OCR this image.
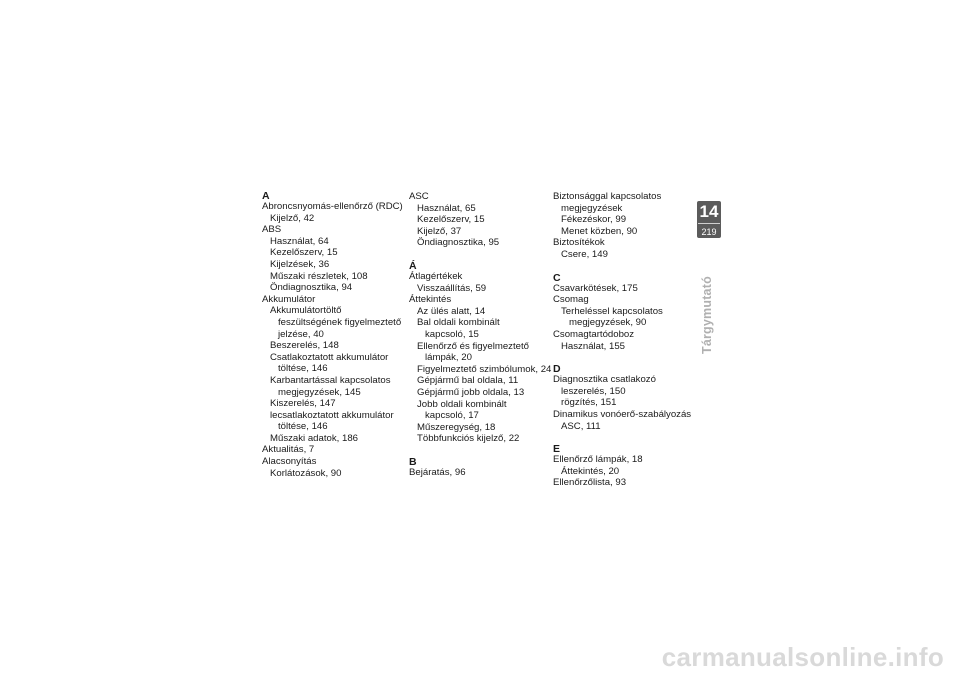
A
Abroncsnyomás-ellenőrző (RDC)
Kijelző, 42
ABS
Használat, 64
Kezelőszerv, 15
Kijelzések, 36
Műszaki részletek, 108
Öndiagnosztika, 94
Akkumulátor
Akkumulátortöltő
feszültségének figyelmeztető
jelzése, 40
Beszerelés, 148
Csatlakoztatott akkumulátor
töltése, 146
Karbantartással kapcsolatos
megjegyzések, 145
Kiszerelés, 147
lecsatlakoztatott akkumulátor
töltése, 146
Műszaki adatok, 186
Aktualitás, 7
Alacsonyítás
Korlátozások, 90
ASC
Használat, 65
Kezelőszerv, 15
Kijelző, 37
Öndiagnosztika, 95
Á
Átlagértékek
Visszaállítás, 59
Áttekintés
Az ülés alatt, 14
Bal oldali kombinált
kapcsoló, 15
Ellenőrző és figyelmeztető
lámpák, 20
Figyelmeztető szimbólumok, 24
Gépjármű bal oldala, 11
Gépjármű jobb oldala, 13
Jobb oldali kombinált
kapcsoló, 17
Műszeregység, 18
Többfunkciós kijelző, 22
B
Bejáratás, 96
Biztonsággal kapcsolatos
megjegyzések
Fékezéskor, 99
Menet közben, 90
Biztosítékok
Csere, 149
C
Csavarkötések, 175
Csomag
Terheléssel kapcsolatos
megjegyzések, 90
Csomagtartódoboz
Használat, 155
D
Diagnosztika csatlakozó
leszerelés, 150
rögzítés, 151
Dinamikus vonóerő-szabályozás
ASC, 111
E
Ellenőrző lámpák, 18
Áttekintés, 20
Ellenőrzőlista, 93
14
219
Tárgymutató
carmanualsonline.info
